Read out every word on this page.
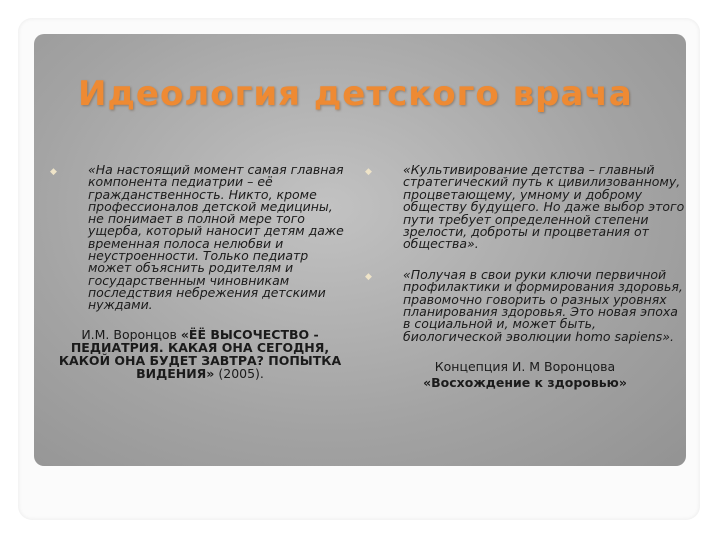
Идеология детского врача
◆ «На настоящий момент самая главная компонента педиатрии – её гражданственность. Никто, кроме профессионалов детской медицины, не понимает в полной мере того ущерба, который наносит детям даже временная полоса нелюбви и неустроенности. Только педиатр может объяснить родителям и государственным чиновникам последствия небрежения детскими нуждами.

И.М. Воронцов «ЁЁ ВЫСОЧЕСТВО - ПЕДИАТРИЯ. КАКАЯ ОНА СЕГОДНЯ, КАКОЙ ОНА БУДЕТ ЗАВТРА? ПОПЫТКА ВИДЕНИЯ» (2005).
◆ «Культивирование детства – главный стратегический путь к цивилизованному, процветающему, умному и доброму обществу будущего. Но даже выбор этого пути требует определенной степени зрелости, доброты и процветания от общества».

◆ «Получая в свои руки ключи первичной профилактики и формирования здоровья, правомочно говорить о разных уровнях планирования здоровья. Это новая эпоха в социальной и, может быть, биологической эволюции homo sapiens».

Концепция И. М Воронцова
«Восхождение к здоровью»
